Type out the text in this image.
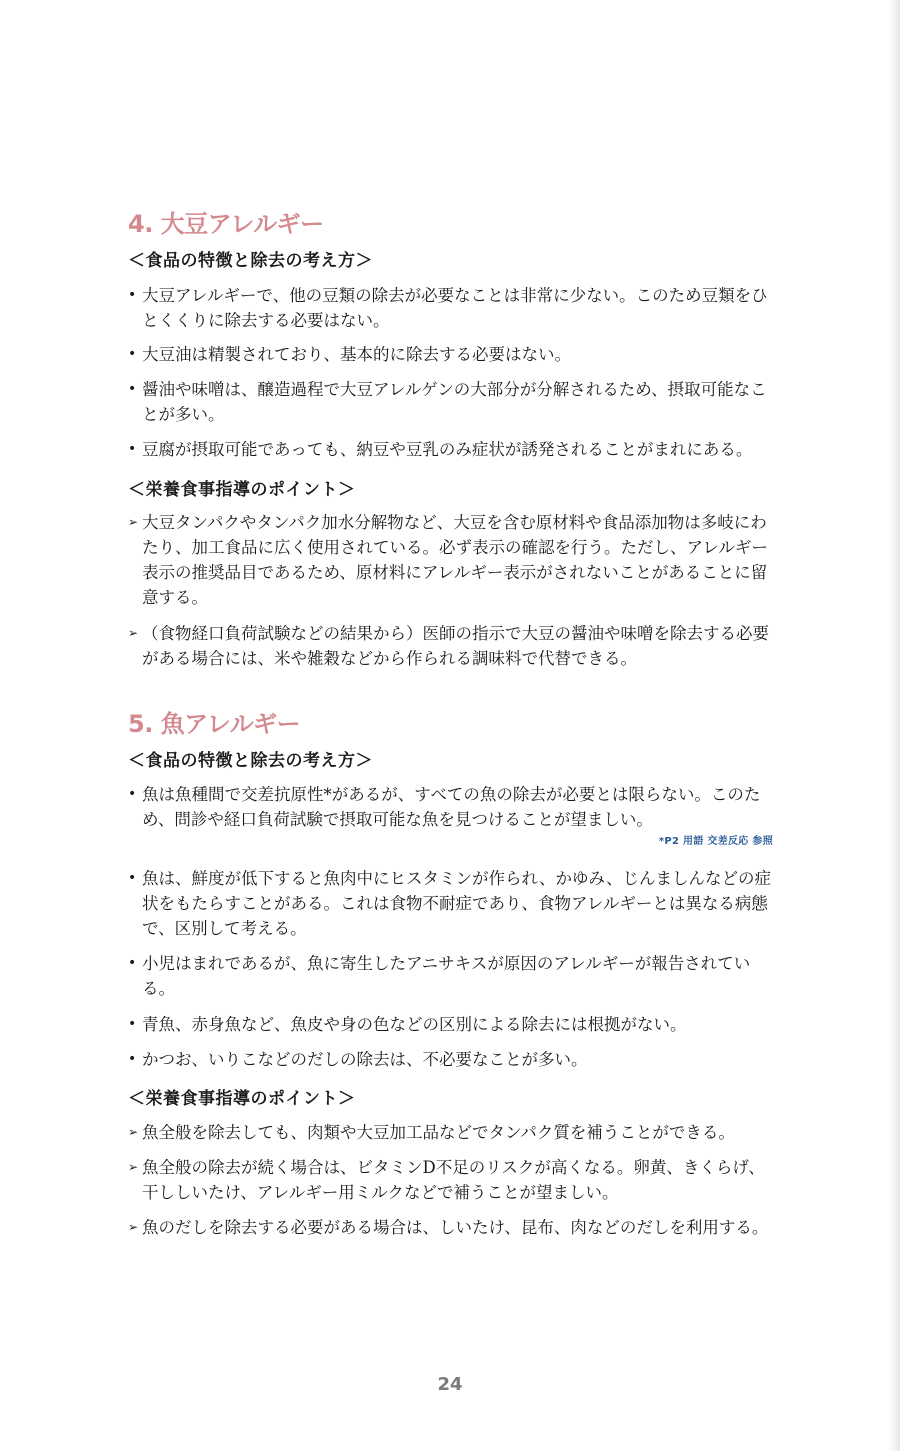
4. 大豆アレルギー
＜食品の特徴と除去の考え方＞
• 大豆アレルギーで、他の豆類の除去が必要なことは非常に少ない。このため豆類をひとくくりに除去する必要はない。
• 大豆油は精製されており、基本的に除去する必要はない。
• 醤油や味噌は、醸造過程で大豆アレルゲンの大部分が分解されるため、摂取可能なことが多い。
• 豆腐が摂取可能であっても、納豆や豆乳のみ症状が誘発されることがまれにある。
＜栄養食事指導のポイント＞
➢ 大豆タンパクやタンパク加水分解物など、大豆を含む原材料や食品添加物は多岐にわたり、加工食品に広く使用されている。必ず表示の確認を行う。ただし、アレルギー表示の推奨品目であるため、原材料にアレルギー表示がされないことがあることに留意する。
➢ （食物経口負荷試験などの結果から）医師の指示で大豆の醤油や味噌を除去する必要がある場合には、米や雑穀などから作られる調味料で代替できる。
5. 魚アレルギー
＜食品の特徴と除去の考え方＞
• 魚は魚種間で交差抗原性*があるが、すべての魚の除去が必要とは限らない。このため、問診や経口負荷試験で摂取可能な魚を見つけることが望ましい。
*P2 用語 交差反応 参照
• 魚は、鮮度が低下すると魚肉中にヒスタミンが作られ、かゆみ、じんましんなどの症状をもたらすことがある。これは食物不耐症であり、食物アレルギーとは異なる病態で、区別して考える。
• 小児はまれであるが、魚に寄生したアニサキスが原因のアレルギーが報告されている。
• 青魚、赤身魚など、魚皮や身の色などの区別による除去には根拠がない。
• かつお、いりこなどのだしの除去は、不必要なことが多い。
＜栄養食事指導のポイント＞
➢ 魚全般を除去しても、肉類や大豆加工品などでタンパク質を補うことができる。
➢ 魚全般の除去が続く場合は、ビタミンD不足のリスクが高くなる。卵黄、きくらげ、干ししいたけ、アレルギー用ミルクなどで補うことが望ましい。
➢ 魚のだしを除去する必要がある場合は、しいたけ、昆布、肉などのだしを利用する。
24
